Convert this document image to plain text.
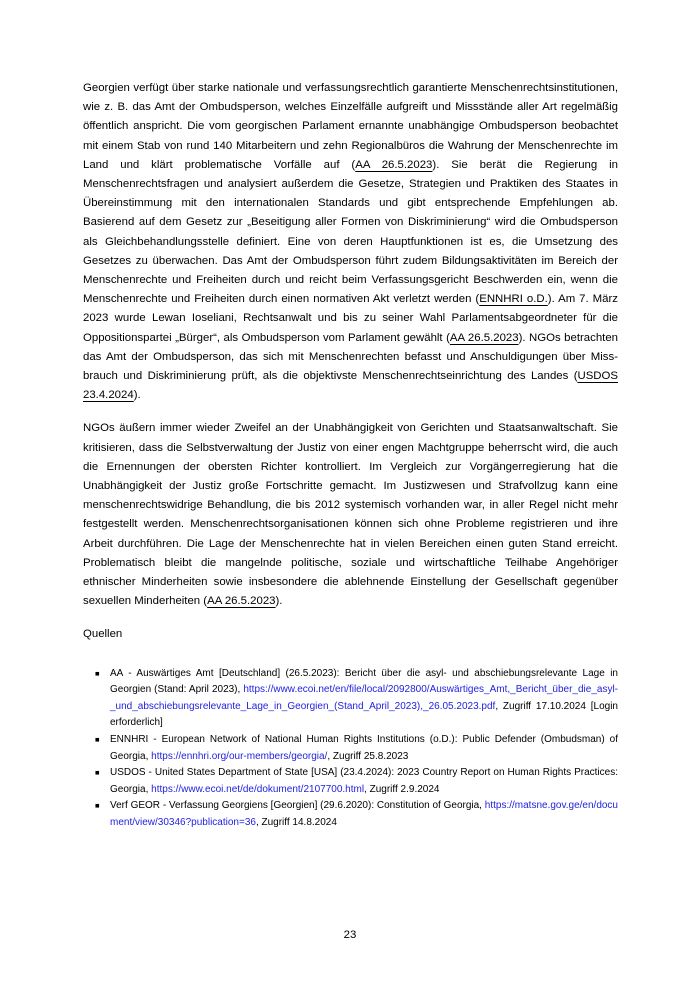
Georgien verfügt über starke nationale und verfassungsrechtlich garantierte Menschenrechtsinstitutionen, wie z. B. das Amt der Ombudsperson, welches Einzelfälle aufgreift und Missstände aller Art regelmäßig öffentlich anspricht. Die vom georgischen Parlament ernannte unabhängige Ombudsperson beobachtet mit einem Stab von rund 140 Mitarbeitern und zehn Regionalbüros die Wahrung der Menschenrechte im Land und klärt problematische Vorfälle auf (AA 26.5.2023). Sie berät die Regierung in Menschenrechtsfragen und analysiert außerdem die Gesetze, Strategien und Praktiken des Staates in Übereinstimmung mit den internationalen Standards und gibt entsprechende Empfehlungen ab. Basierend auf dem Gesetz zur „Beseitigung aller Formen von Diskriminierung“ wird die Ombudsperson als Gleichbehandlungsstelle definiert. Eine von deren Hauptfunktionen ist es, die Umsetzung des Gesetzes zu überwachen. Das Amt der Ombudsperson führt zudem Bildungsaktivitäten im Bereich der Menschenrechte und Freiheiten durch und reicht beim Verfassungsgericht Beschwerden ein, wenn die Menschenrechte und Freiheiten durch einen normativen Akt verletzt werden (ENNHRI o.D.). Am 7. März 2023 wurde Lewan Ioseliani, Rechtsanwalt und bis zu seiner Wahl Parlamentsabgeordneter für die Oppositionspartei „Bürger“, als Ombudsperson vom Parlament gewählt (AA 26.5.2023). NGOs betrachten das Amt der Ombudsperson, das sich mit Menschenrechten befasst und Anschuldigungen über Missbrauch und Diskriminierung prüft, als die objektivste Menschenrechtseinrichtung des Landes (USDOS 23.4.2024).

NGOs äußern immer wieder Zweifel an der Unabhängigkeit von Gerichten und Staatsanwaltschaft. Sie kritisieren, dass die Selbstverwaltung der Justiz von einer engen Machtgruppe beherrscht wird, die auch die Ernennungen der obersten Richter kontrolliert. Im Vergleich zur Vorgängerregierung hat die Unabhängigkeit der Justiz große Fortschritte gemacht. Im Justizwesen und Strafvollzug kann eine menschenrechtswidrige Behandlung, die bis 2012 systemisch vorhanden war, in aller Regel nicht mehr festgestellt werden. Menschenrechtsorganisationen können sich ohne Probleme registrieren und ihre Arbeit durchführen. Die Lage der Menschenrechte hat in vielen Bereichen einen guten Stand erreicht. Problematisch bleibt die mangelnde politische, soziale und wirtschaftliche Teilhabe Angehöriger ethnischer Minderheiten sowie insbesondere die ablehnende Einstellung der Gesellschaft gegenüber sexuellen Minderheiten (AA 26.5.2023).

Quellen
■ AA - Auswärtiges Amt [Deutschland] (26.5.2023): Bericht über die asyl- und abschiebungsrelevante Lage in Georgien (Stand: April 2023), https://www.ecoi.net/en/file/local/2092800/Auswärtiges_Amt,_Bericht_über_die_asyl-_und_abschiebungsrelevante_Lage_in_Georgien_(Stand_April_2023),_26.05.2023.pdf, Zugriff 17.10.2024 [Login erforderlich]
■ ENNHRI - European Network of National Human Rights Institutions (o.D.): Public Defender (Ombudsman) of Georgia, https://ennhri.org/our-members/georgia/, Zugriff 25.8.2023
■ USDOS - United States Department of State [USA] (23.4.2024): 2023 Country Report on Human Rights Practices: Georgia, https://www.ecoi.net/de/dokument/2107700.html, Zugriff 2.9.2024
■ Verf GEOR - Verfassung Georgiens [Georgien] (29.6.2020): Constitution of Georgia, https://matsne.gov.ge/en/document/view/30346?publication=36, Zugriff 14.8.2024
23
